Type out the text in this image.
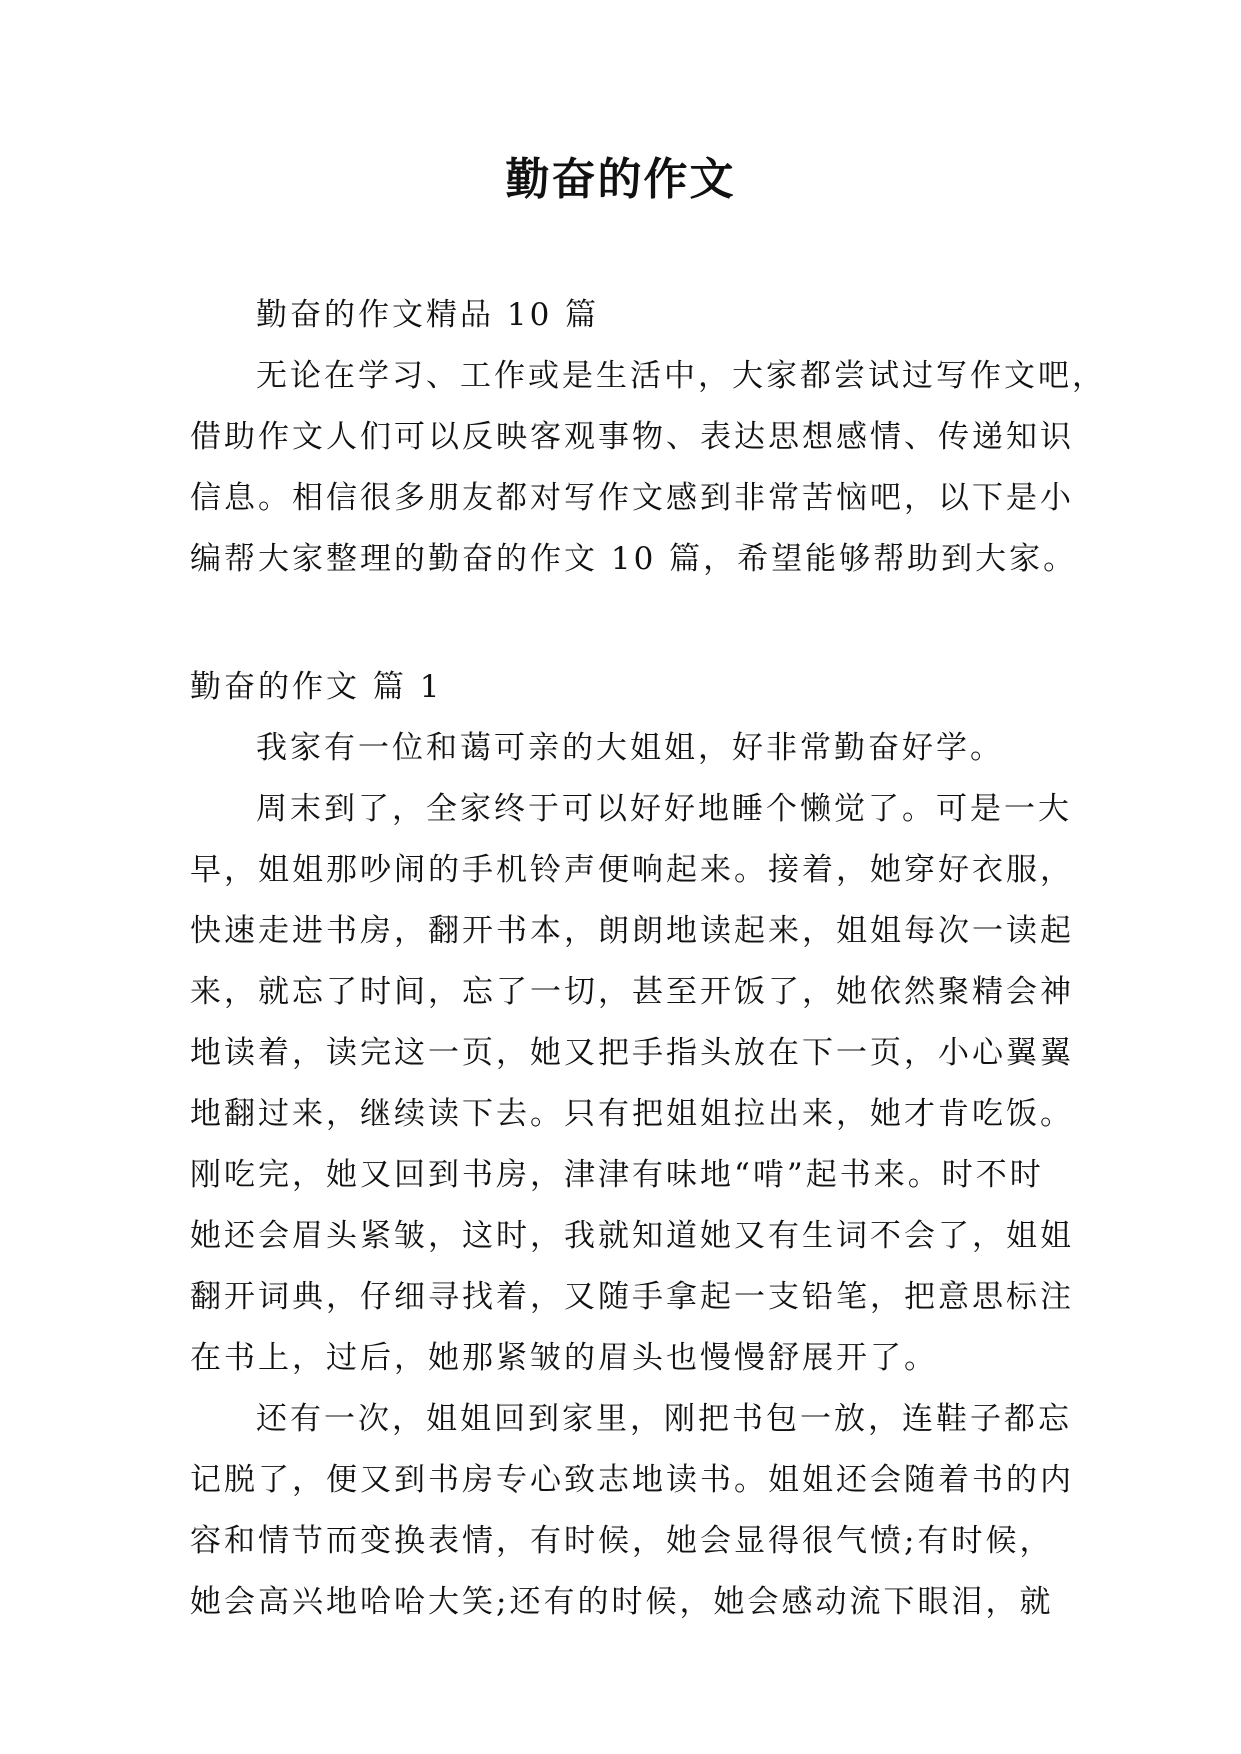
勤奋的作文
勤奋的作文精品 10 篇
无论在学习、工作或是生活中，大家都尝试过写作文吧，
借助作文人们可以反映客观事物、表达思想感情、传递知识
信息。相信很多朋友都对写作文感到非常苦恼吧，以下是小
编帮大家整理的勤奋的作文 10 篇，希望能够帮助到大家。
勤奋的作文 篇 1
我家有一位和蔼可亲的大姐姐，好非常勤奋好学。
周末到了，全家终于可以好好地睡个懒觉了。可是一大
早，姐姐那吵闹的手机铃声便响起来。接着，她穿好衣服，
快速走进书房，翻开书本，朗朗地读起来，姐姐每次一读起
来，就忘了时间，忘了一切，甚至开饭了，她依然聚精会神
地读着，读完这一页，她又把手指头放在下一页，小心翼翼
地翻过来，继续读下去。只有把姐姐拉出来，她才肯吃饭。
刚吃完，她又回到书房，津津有味地“啃”起书来。时不时
她还会眉头紧皱，这时，我就知道她又有生词不会了，姐姐
翻开词典，仔细寻找着，又随手拿起一支铅笔，把意思标注
在书上，过后，她那紧皱的眉头也慢慢舒展开了。
还有一次，姐姐回到家里，刚把书包一放，连鞋子都忘
记脱了，便又到书房专心致志地读书。姐姐还会随着书的内
容和情节而变换表情，有时候，她会显得很气愤;有时候，
她会高兴地哈哈大笑;还有的时候，她会感动流下眼泪，就
